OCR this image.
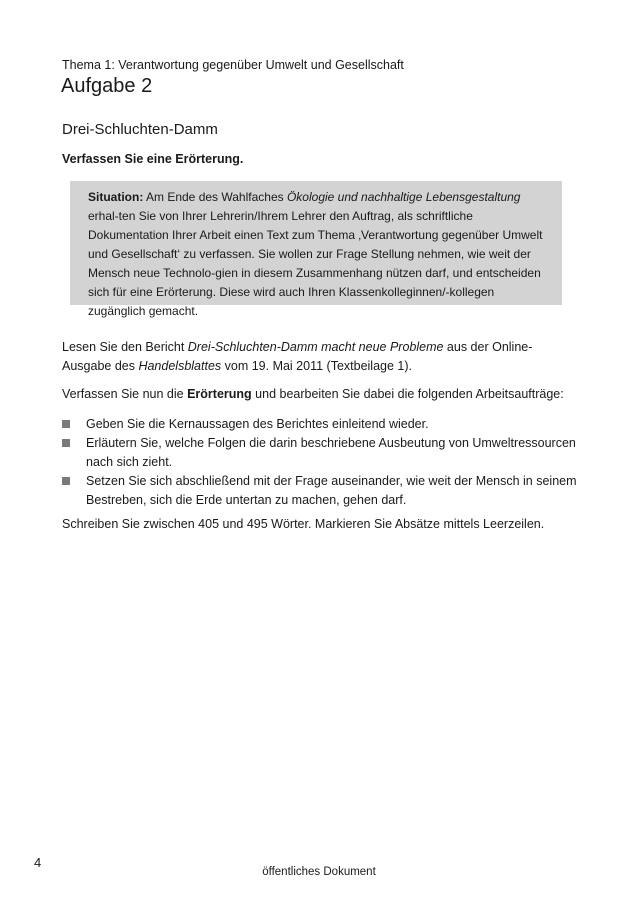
Thema 1: Verantwortung gegenüber Umwelt und Gesellschaft
Aufgabe 2
Drei-Schluchten-Damm
Verfassen Sie eine Erörterung.

Situation: Am Ende des Wahlfaches Ökologie und nachhaltige Lebensgestaltung erhal-ten Sie von Ihrer Lehrerin/Ihrem Lehrer den Auftrag, als schriftliche Dokumentation Ihrer Arbeit einen Text zum Thema ‚Verantwortung gegenüber Umwelt und Gesellschaft‘ zu verfassen. Sie wollen zur Frage Stellung nehmen, wie weit der Mensch neue Technolo-gien in diesem Zusammenhang nützen darf, und entscheiden sich für eine Erörterung. Diese wird auch Ihren Klassenkolleginnen/-kollegen zugänglich gemacht.

Lesen Sie den Bericht Drei-Schluchten-Damm macht neue Probleme aus der Online-Ausgabe des Handelsblattes vom 19. Mai 2011 (Textbeilage 1).

Verfassen Sie nun die Erörterung und bearbeiten Sie dabei die folgenden Arbeitsaufträge:

Geben Sie die Kernaussagen des Berichtes einleitend wieder.
Erläutern Sie, welche Folgen die darin beschriebene Ausbeutung von Umweltressourcen nach sich zieht.
Setzen Sie sich abschließend mit der Frage auseinander, wie weit der Mensch in seinem Bestreben, sich die Erde untertan zu machen, gehen darf.

Schreiben Sie zwischen 405 und 495 Wörter. Markieren Sie Absätze mittels Leerzeilen.

4
öffentliches Dokument
